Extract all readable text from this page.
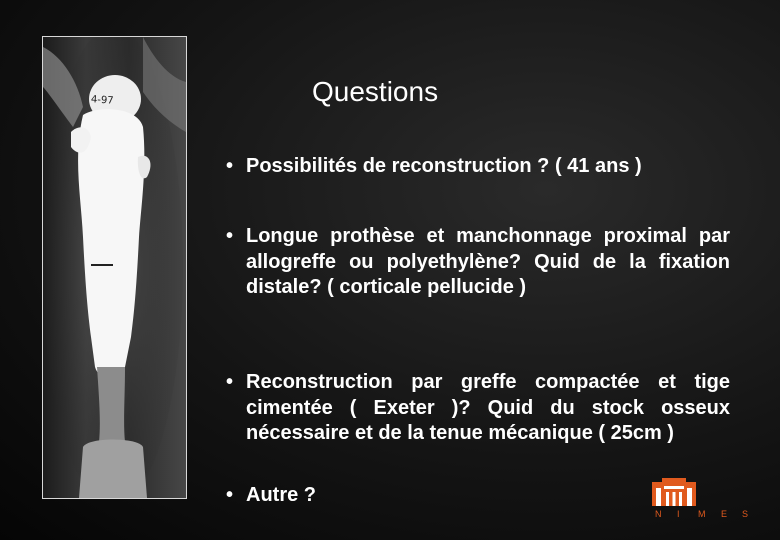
4-97	Questions
• Possibilités de reconstruction ? ( 41 ans )
• Longue prothèse et manchonnage proximal par allogreffe ou polyethylène? Quid de la fixation distale? ( corticale pellucide )
• Reconstruction par greffe compactée et tige cimentée ( Exeter )? Quid du stock osseux nécessaire et de la tenue mécanique ( 25cm )
• Autre ?
N I M E S
